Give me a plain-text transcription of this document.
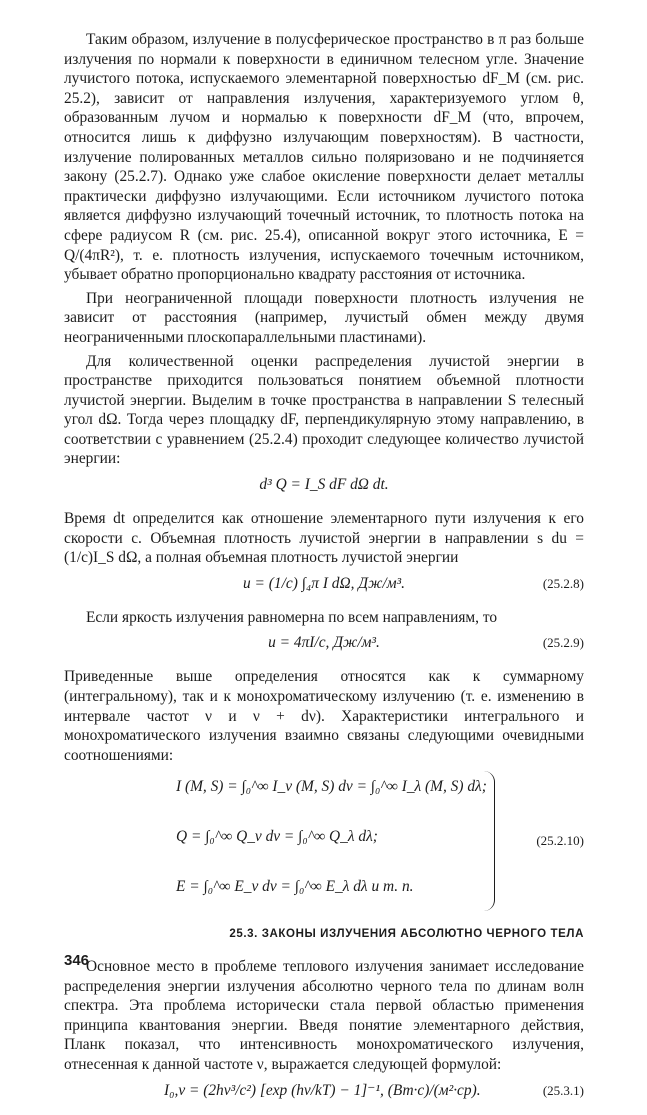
Таким образом, излучение в полусферическое пространство в π раз больше излучения по нормали к поверхности в единичном телесном угле. Значение лучистого потока, испускаемого элементарной поверхностью dF_M (см. рис. 25.2), зависит от направления излучения, характеризуемого углом θ, образованным лучом и нормалью к поверхности dF_M (что, впрочем, относится лишь к диффузно излучающим поверхностям). В частности, излучение полированных металлов сильно поляризовано и не подчиняется закону (25.2.7). Однако уже слабое окисление поверхности делает металлы практически диффузно излучающими. Если источником лучистого потока является диффузно излучающий точечный источник, то плотность потока на сфере радиусом R (см. рис. 25.4), описанной вокруг этого источника, E = Q/(4πR²), т. е. плотность излучения, испускаемого точечным источником, убывает обратно пропорционально квадрату расстояния от источника.

При неограниченной площади поверхности плотность излучения не зависит от расстояния (например, лучистый обмен между двумя неограниченными плоскопараллельными пластинами).

Для количественной оценки распределения лучистой энергии в пространстве приходится пользоваться понятием объемной плотности лучистой энергии. Выделим в точке пространства в направлении S телесный угол dΩ. Тогда через площадку dF, перпендикулярную этому направлению, в соответствии с уравнением (25.2.4) проходит следующее количество лучистой энергии:

d³ Q = I_S dF dΩ dt.

Время dt определится как отношение элементарного пути излучения к его скорости c. Объемная плотность лучистой энергии в направлении s du = (1/c)I_S dΩ, а полная объемная плотность лучистой энергии

u = (1/c) ∫₄π I dΩ, Дж/м³.	(25.2.8)

Если яркость излучения равномерна по всем направлениям, то

u = 4πI/c, Дж/м³.	(25.2.9)

Приведенные выше определения относятся как к суммарному (интегральному), так и к монохроматическому излучению (т. е. изменению в интервале частот ν и ν + dν). Характеристики интегрального и монохроматического излучения взаимно связаны следующими очевидными соотношениями:

I (M, S) = ∫₀^∞ I_ν (M, S) dν = ∫₀^∞ I_λ (M, S) dλ;
Q = ∫₀^∞ Q_ν dν = ∫₀^∞ Q_λ dλ;
E = ∫₀^∞ E_ν dν = ∫₀^∞ E_λ dλ и т. п.
(25.2.10)
25.3. ЗАКОНЫ ИЗЛУЧЕНИЯ АБСОЛЮТНО ЧЕРНОГО ТЕЛА

Основное место в проблеме теплового излучения занимает исследование распределения энергии излучения абсолютно черного тела по длинам волн спектра. Эта проблема исторически стала первой областью применения принципа квантования энергии. Введя понятие элементарного действия, Планк показал, что интенсивность монохроматического излучения, отнесенная к данной частоте ν, выражается следующей формулой:

I₀,ν = (2hν³/c²) [exp (hν/kT) − 1]⁻¹, (Вт·с)/(м²·ср).	(25.3.1)
346
